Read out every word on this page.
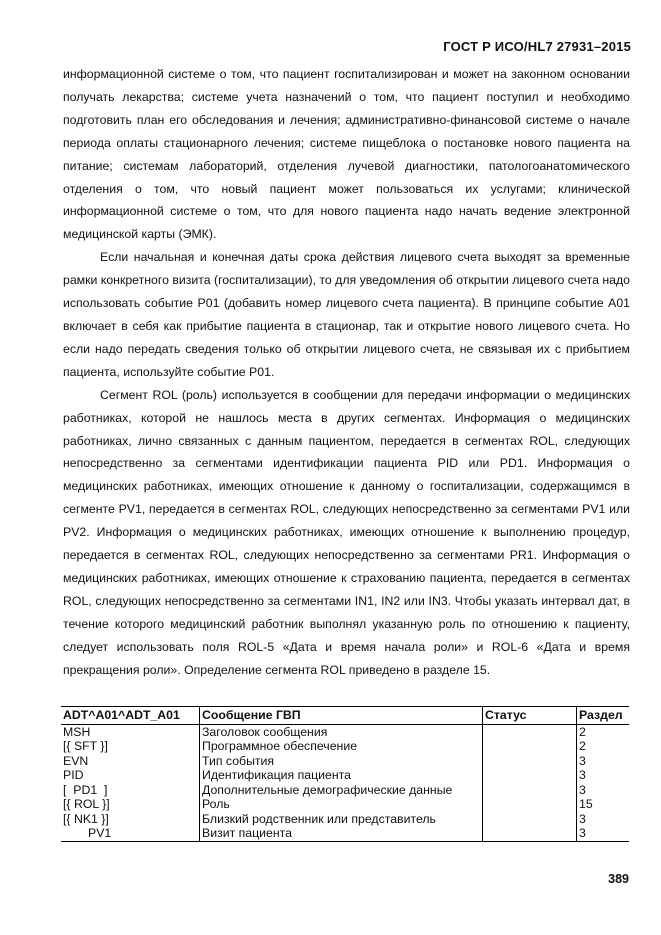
ГОСТ Р ИСО/HL7 27931–2015

информационной системе о том, что пациент госпитализирован и может на законном основании получать лекарства; системе учета назначений о том, что пациент поступил и необходимо подготовить план его обследования и лечения; административно-финансовой системе о начале периода оплаты стационарного лечения; системе пищеблока о постановке нового пациента на питание; системам лабораторий, отделения лучевой диагностики, патологоанатомического отделения о том, что новый пациент может пользоваться их услугами; клинической информационной системе о том, что для нового пациента надо начать ведение электронной медицинской карты (ЭМК).

Если начальная и конечная даты срока действия лицевого счета выходят за временные рамки конкретного визита (госпитализации), то для уведомления об открытии лицевого счета надо использовать событие P01 (добавить номер лицевого счета пациента). В принципе событие A01 включает в себя как прибытие пациента в стационар, так и открытие нового лицевого счета. Но если надо передать сведения только об открытии лицевого счета, не связывая их с прибытием пациента, используйте событие P01.

Сегмент ROL (роль) используется в сообщении для передачи информации о медицинских работниках, которой не нашлось места в других сегментах. Информация о медицинских работниках, лично связанных с данным пациентом, передается в сегментах ROL, следующих непосредственно за сегментами идентификации пациента PID или PD1. Информация о медицинских работниках, имеющих отношение к данному о госпитализации, содержащимся в сегменте PV1, передается в сегментах ROL, следующих непосредственно за сегментами PV1 или PV2. Информация о медицинских работниках, имеющих отношение к выполнению процедур, передается в сегментах ROL, следующих непосредственно за сегментами PR1. Информация о медицинских работниках, имеющих отношение к страхованию пациента, передается в сегментах ROL, следующих непосредственно за сегментами IN1, IN2 или IN3. Чтобы указать интервал дат, в течение которого медицинский работник выполнял указанную роль по отношению к пациенту, следует использовать поля ROL-5 «Дата и время начала роли» и ROL-6 «Дата и время прекращения роли». Определение сегмента ROL приведено в разделе 15.

ADT^A01^ADT_A01	Сообщение ГВП	Статус	Раздел
MSH	Заголовок сообщения		2
[{ SFT }]	Программное обеспечение		2
EVN	Тип события		3
PID	Идентификация пациента		3
[  PD1  ]	Дополнительные демографические данные		3
[{ ROL }]	Роль		15
[{ NK1 }]	Близкий родственник или представитель		3
PV1	Визит пациента		3
389
